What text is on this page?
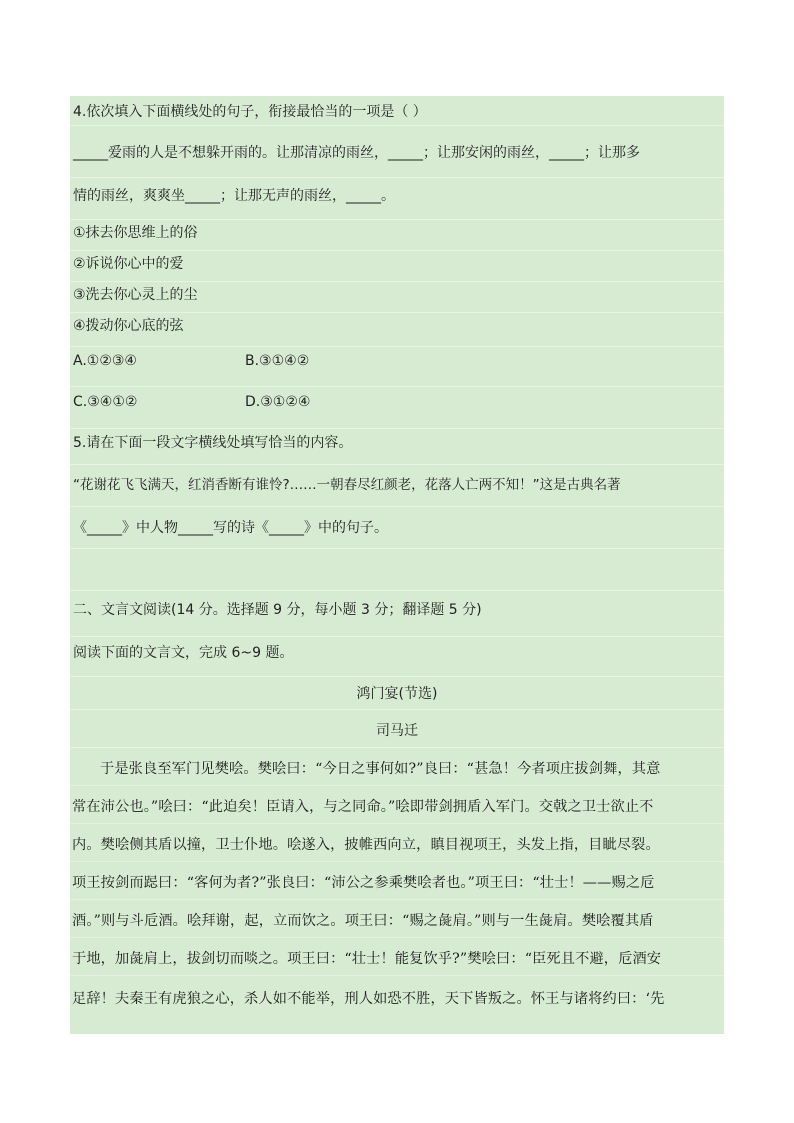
4.依次填入下面横线处的句子，衔接最恰当的一项是（ ）
_____爱雨的人是不想躲开雨的。让那清凉的雨丝，_____；让那安闲的雨丝，_____；让那多
情的雨丝，爽爽坐_____；让那无声的雨丝，_____。
①抹去你思维上的俗
②诉说你心中的爱
③洗去你心灵上的尘
④拨动你心底的弦
A.①②③④	B.③①④②
C.③④①②	D.③①②④
5.请在下面一段文字横线处填写恰当的内容。
“花谢花飞飞满天，红消香断有谁怜?……一朝春尽红颜老，花落人亡两不知！”这是古典名著
《_____》中人物_____写的诗《_____》中的句子。
二、文言文阅读(14 分。选择题 9 分，每小题 3 分；翻译题 5 分)
阅读下面的文言文，完成 6~9 题。
鸿门宴(节选)
司马迁
于是张良至军门见樊哙。樊哙曰：“今日之事何如?”良曰：“甚急！今者项庄拔剑舞，其意
常在沛公也。”哙曰：“此迫矣！臣请入，与之同命。”哙即带剑拥盾入军门。交戟之卫士欲止不
内。樊哙侧其盾以撞，卫士仆地。哙遂入，披帷西向立，瞋目视项王，头发上指，目眦尽裂。
项王按剑而跽曰：“客何为者?”张良曰：“沛公之参乘樊哙者也。”项王曰：“壮士！——赐之卮
酒。”则与斗卮酒。哙拜谢，起，立而饮之。项王曰：“赐之彘肩。”则与一生彘肩。樊哙覆其盾
于地，加彘肩上，拔剑切而啖之。项王曰：“壮士！能复饮乎?”樊哙曰：“臣死且不避，卮酒安
足辞！夫秦王有虎狼之心，杀人如不能举，刑人如恐不胜，天下皆叛之。怀王与诸将约曰：‘先
